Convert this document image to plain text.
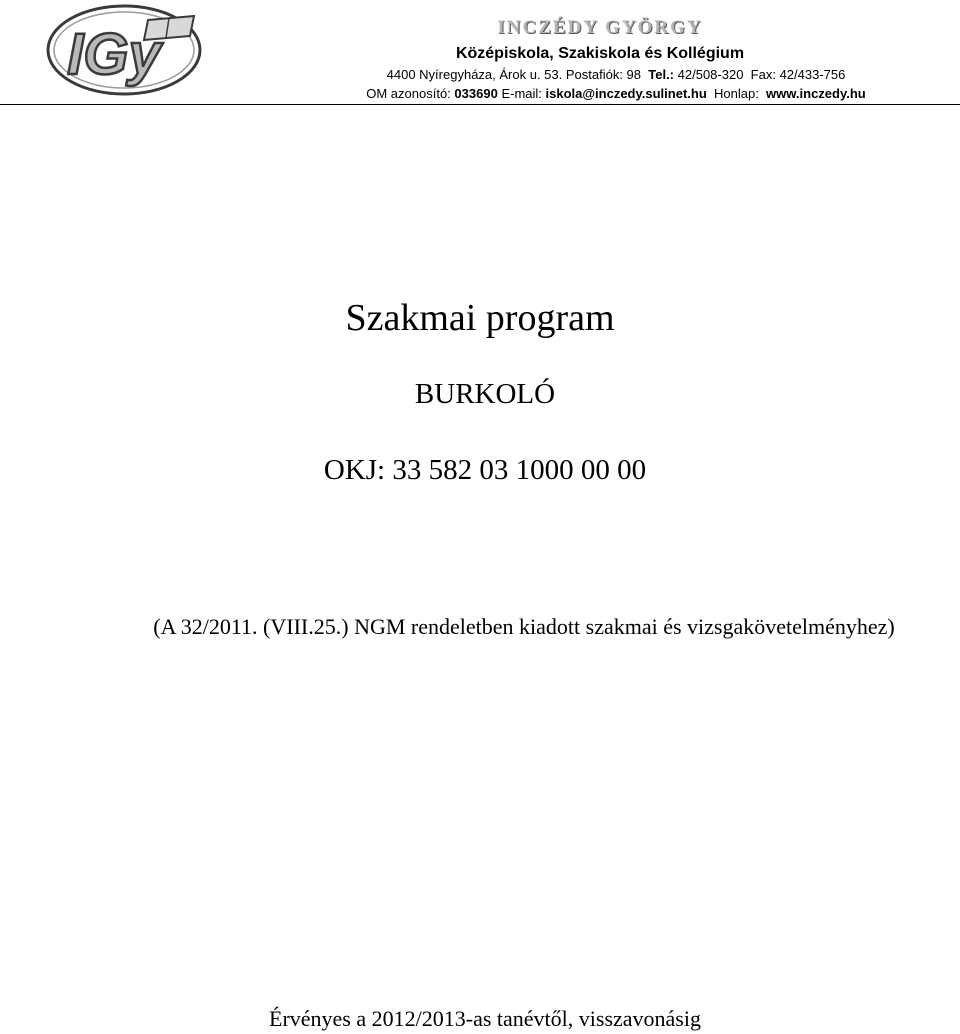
IGy	INCZÉDY GYÖRGY
Középiskola, Szakiskola és Kollégium
4400 Nyíregyháza, Árok u. 53. Postafiók: 98 Tel.: 42/508-320 Fax: 42/433-756
OM azonosító: 033690 E-mail: iskola@inczedy.sulinet.hu Honlap: www.inczedy.hu
Szakmai program
BURKOLÓ
OKJ: 33 582 03 1000 00 00
(A 32/2011. (VIII.25.) NGM rendeletben kiadott szakmai és vizsgakövetelményhez)
Érvényes a 2012/2013-as tanévtől, visszavonásig
